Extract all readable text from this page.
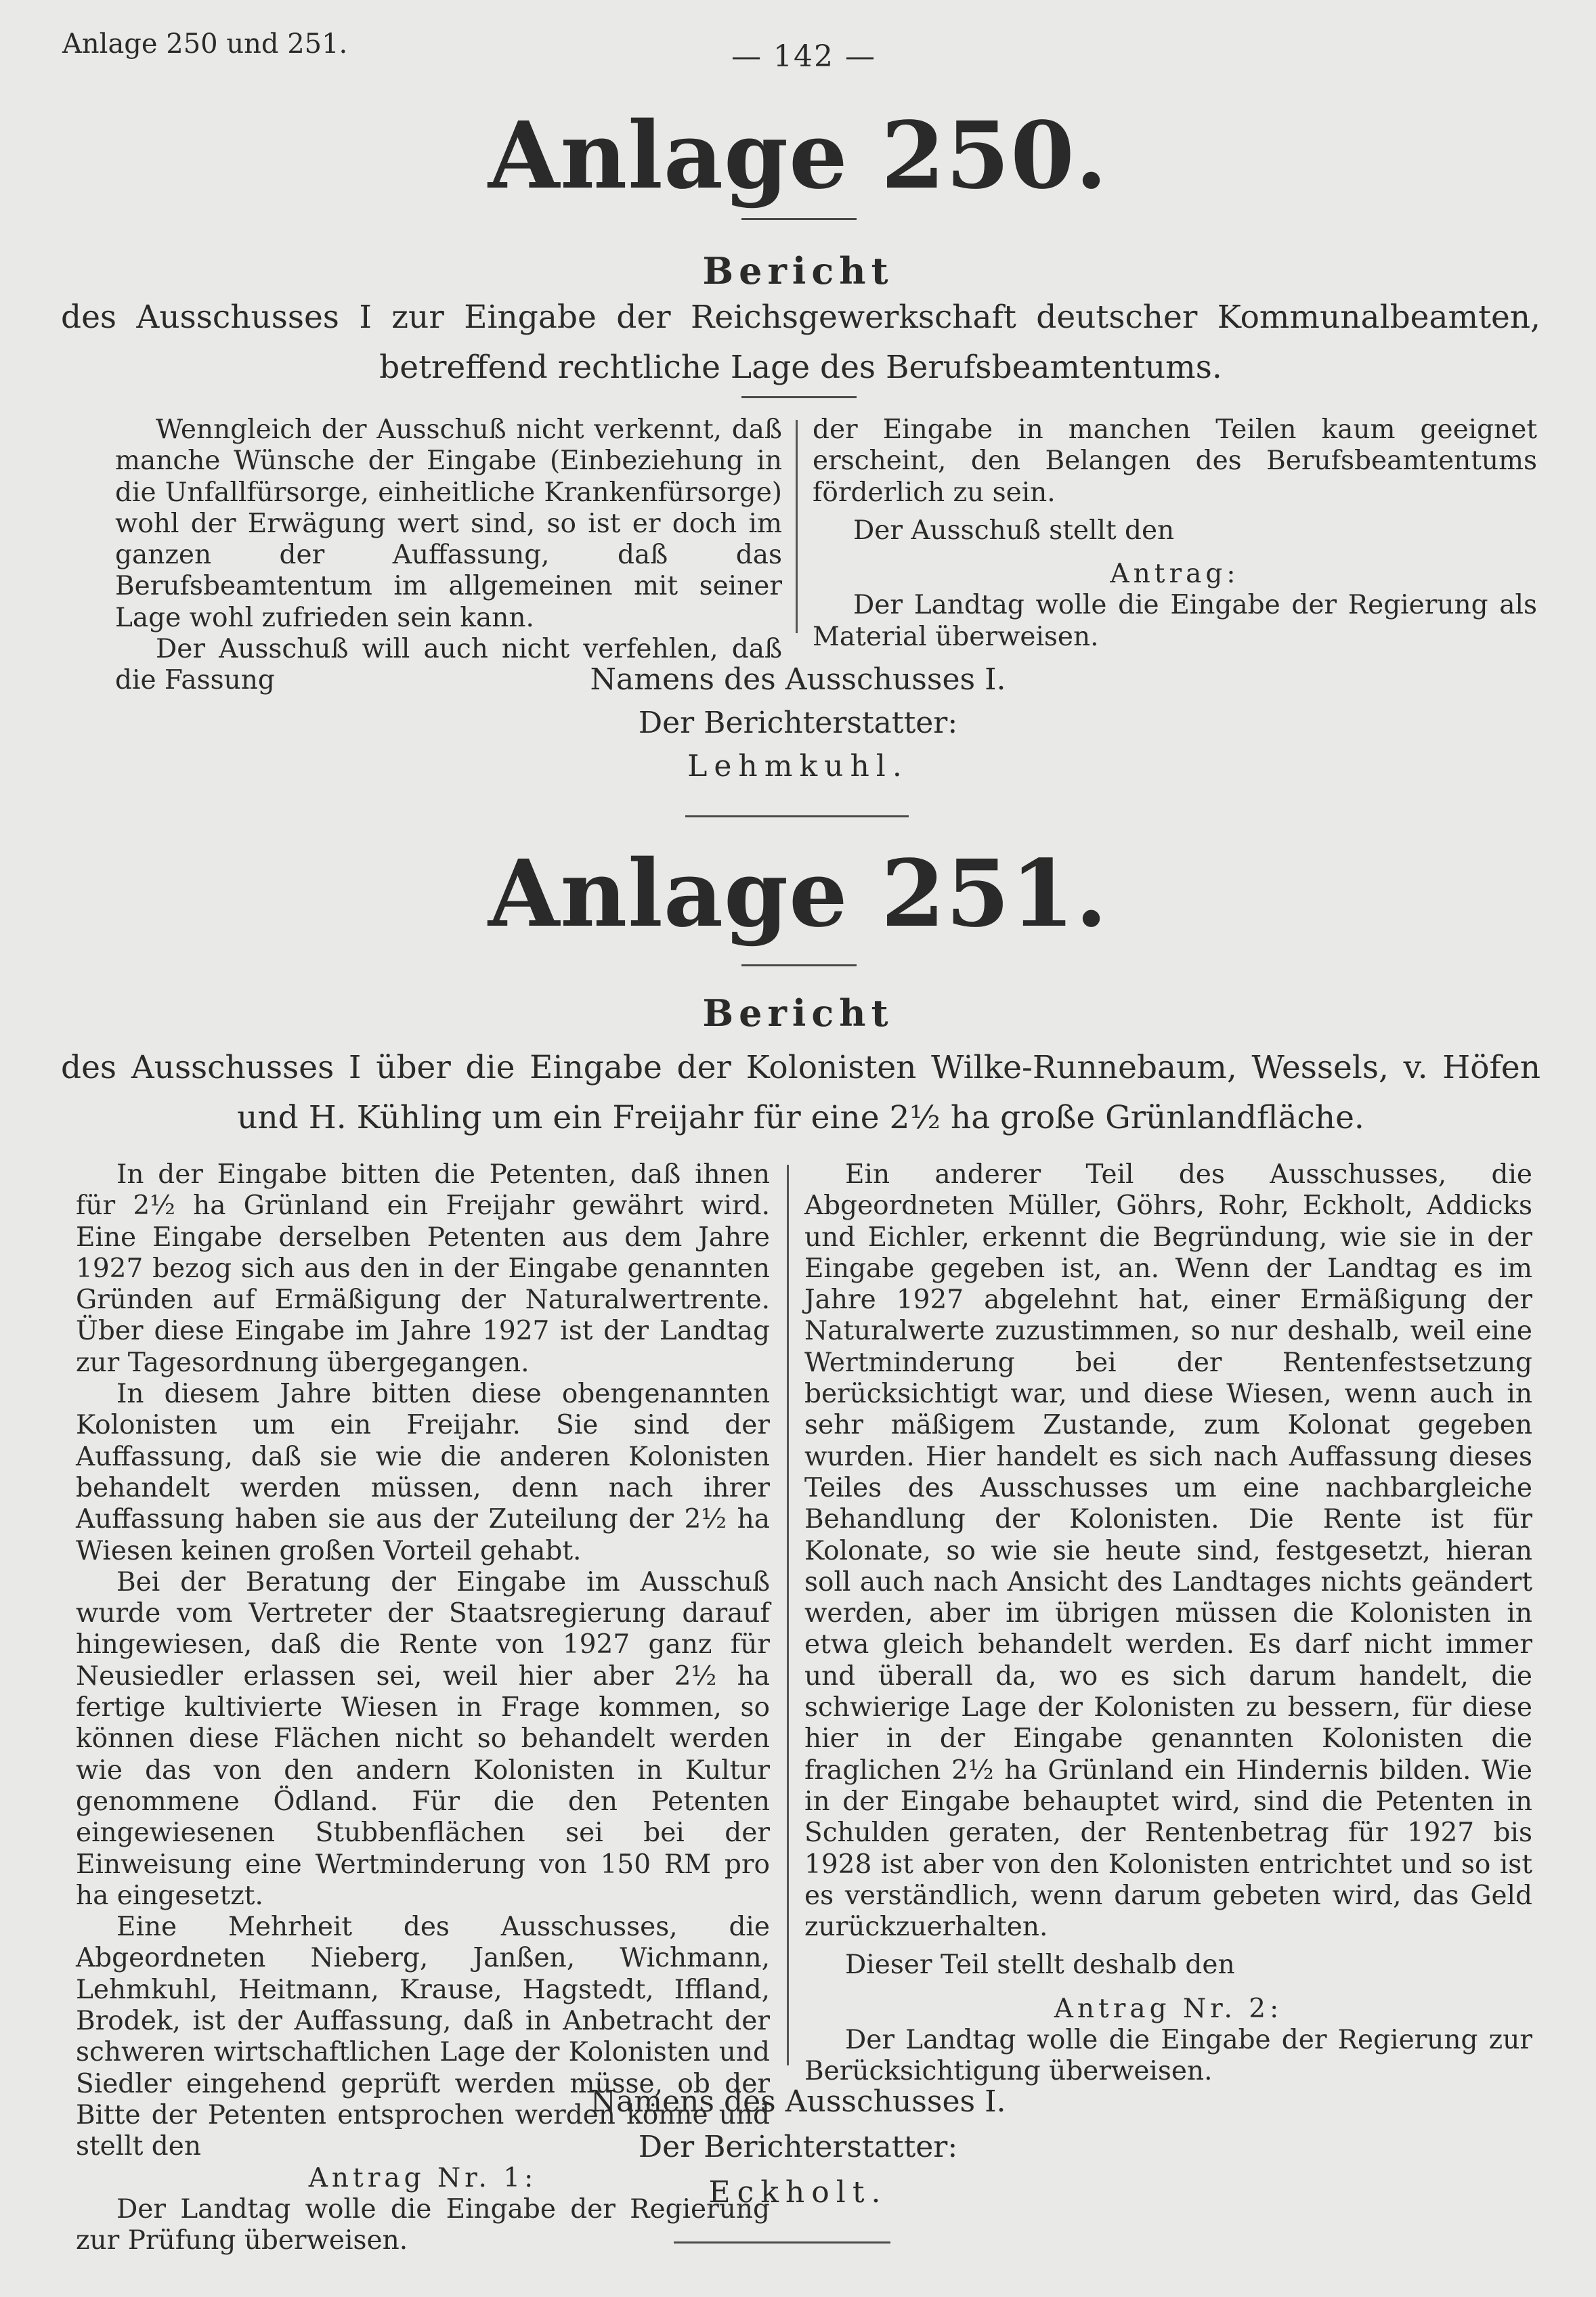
Anlage 250 und 251.	— 142 —
Anlage 250.
Bericht
des Ausschusses I zur Eingabe der Reichsgewerkschaft deutscher Kommunalbeamten, betreffend rechtliche Lage des Berufsbeamtentums.

Wenngleich der Ausschuß nicht verkennt, daß manche Wünsche der Eingabe (Einbeziehung in die Unfallfürsorge, einheitliche Krankenfürsorge) wohl der Erwägung wert sind, so ist er doch im ganzen der Auffassung, daß das Berufsbeamtentum im allgemeinen mit seiner Lage wohl zufrieden sein kann.

Der Ausschuß will auch nicht verfehlen, daß die Fassung

der Eingabe in manchen Teilen kaum geeignet erscheint, den Belangen des Berufsbeamtentums förderlich zu sein.

Der Ausschuß stellt den

Antrag:

Der Landtag wolle die Eingabe der Regierung als Material überweisen.

Namens des Ausschusses I.
Der Berichterstatter:
Lehmkuhl.
Anlage 251.
Bericht
des Ausschusses I über die Eingabe der Kolonisten Wilke-Runnebaum, Wessels, v. Höfen und H. Kühling um ein Freijahr für eine 2½ ha große Grünlandfläche.

In der Eingabe bitten die Petenten, daß ihnen für 2½ ha Grünland ein Freijahr gewährt wird. Eine Eingabe derselben Petenten aus dem Jahre 1927 bezog sich aus den in der Eingabe genannten Gründen auf Ermäßigung der Naturalwertrente. Über diese Eingabe im Jahre 1927 ist der Landtag zur Tagesordnung übergegangen.

In diesem Jahre bitten diese obengenannten Kolonisten um ein Freijahr. Sie sind der Auffassung, daß sie wie die anderen Kolonisten behandelt werden müssen, denn nach ihrer Auffassung haben sie aus der Zuteilung der 2½ ha Wiesen keinen großen Vorteil gehabt.

Bei der Beratung der Eingabe im Ausschuß wurde vom Vertreter der Staatsregierung darauf hingewiesen, daß die Rente von 1927 ganz für Neusiedler erlassen sei, weil hier aber 2½ ha fertige kultivierte Wiesen in Frage kommen, so können diese Flächen nicht so behandelt werden wie das von den andern Kolonisten in Kultur genommene Ödland. Für die den Petenten eingewiesenen Stubbenflächen sei bei der Einweisung eine Wertminderung von 150 RM pro ha eingesetzt.

Eine Mehrheit des Ausschusses, die Abgeordneten Nieberg, Janßen, Wichmann, Lehmkuhl, Heitmann, Krause, Hagstedt, Iffland, Brodek, ist der Auffassung, daß in Anbetracht der schweren wirtschaftlichen Lage der Kolonisten und Siedler eingehend geprüft werden müsse, ob der Bitte der Petenten entsprochen werden könne und stellt den

Antrag Nr. 1:

Der Landtag wolle die Eingabe der Regierung zur Prüfung überweisen.

Ein anderer Teil des Ausschusses, die Abgeordneten Müller, Göhrs, Rohr, Eckholt, Addicks und Eichler, erkennt die Begründung, wie sie in der Eingabe gegeben ist, an. Wenn der Landtag es im Jahre 1927 abgelehnt hat, einer Ermäßigung der Naturalwerte zuzustimmen, so nur deshalb, weil eine Wertminderung bei der Rentenfestsetzung berücksichtigt war, und diese Wiesen, wenn auch in sehr mäßigem Zustande, zum Kolonat gegeben wurden. Hier handelt es sich nach Auffassung dieses Teiles des Ausschusses um eine nachbargleiche Behandlung der Kolonisten. Die Rente ist für Kolonate, so wie sie heute sind, festgesetzt, hieran soll auch nach Ansicht des Landtages nichts geändert werden, aber im übrigen müssen die Kolonisten in etwa gleich behandelt werden. Es darf nicht immer und überall da, wo es sich darum handelt, die schwierige Lage der Kolonisten zu bessern, für diese hier in der Eingabe genannten Kolonisten die fraglichen 2½ ha Grünland ein Hindernis bilden. Wie in der Eingabe behauptet wird, sind die Petenten in Schulden geraten, der Rentenbetrag für 1927 bis 1928 ist aber von den Kolonisten entrichtet und so ist es verständlich, wenn darum gebeten wird, das Geld zurückzuerhalten.

Dieser Teil stellt deshalb den

Antrag Nr. 2:

Der Landtag wolle die Eingabe der Regierung zur Berücksichtigung überweisen.

Namens des Ausschusses I.
Der Berichterstatter:
Eckholt.
